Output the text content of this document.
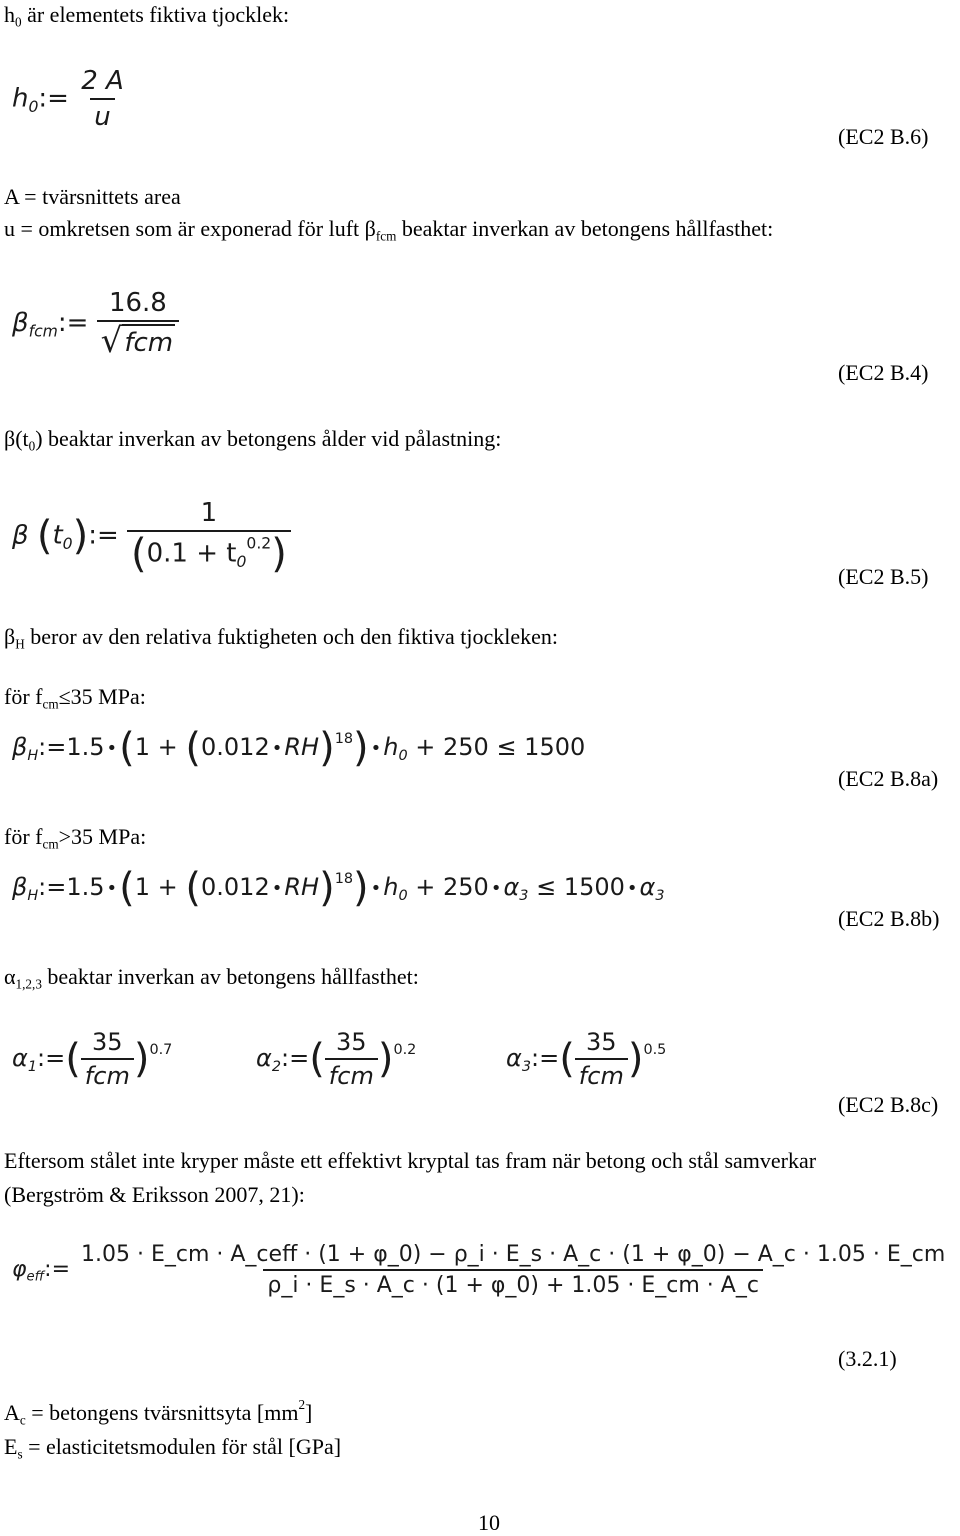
$h_0$ är elementets fiktiva tjocklek:
$h_0:= \frac{2 A}{u}$
(EC2 B.6)
A = tvärsnittets area
u = omkretsen som är exponerad för luft $\beta_{fcm}$ beaktar inverkan av betongens hållfasthet:
$\beta_{fcm}:= \frac{16.8}{\text{√ fcm}}$
(EC2 B.4)
$\beta(t_0)$ beaktar inverkan av betongens ålder vid pålastning:
β $(t_0):= \frac{1}{(0.1 + t_0^{0.2})}$
(EC2 B.5)
$\beta_H$ beror av den relativa fuktigheten och den fiktiva tjockleken:
för $f_{cm}\le 35$ MPa:
$\beta_H:=1.5$ •(1 + (0.012 •RH)$^{18}$) $•h_0 + 250 \le 1500$
(EC2 B.8a)
för $f_{cm}>35$ MPa:
$\beta_H:=1.5$ •(1 + (0.012 •RH)$^{18}$) $•h_0 + 250$ $•\alpha_3 \le 1500$ $•\alpha_3$
(EC2 B.8b)
$\alpha_{1,2,3}$ beaktar inverkan av betongens hållfasthet:
$\alpha_1:=( \frac{35}{\text{fcm}} )^{0.7}$	$\alpha_2:=( \frac{35}{\text{fcm}} )^{0.2}$	$\alpha_3:=( \frac{35}{\text{fcm}} )^{0.5}$
(EC2 B.8c)
Eftersom stålet inte kryper måste ett effektivt kryptal tas fram när betong och stål samverkar
(Bergström & Eriksson 2007, 21):
$\varphi_{eff}:=$
1.05 · E_cm · A_ceff · (1 + φ_0) − ρ_i · E_s · A_c · (1 + φ_0) − A_c · 1.05 · E_cm
ρ_i · E_s · A_c · (1 + φ_0) + 1.05 · E_cm · A_c
(3.2.1)
$A_c$ = betongens tvärsnittsyta $[mm^2]$
$E_s$ = elasticitetsmodulen för stål [GPa]
10
